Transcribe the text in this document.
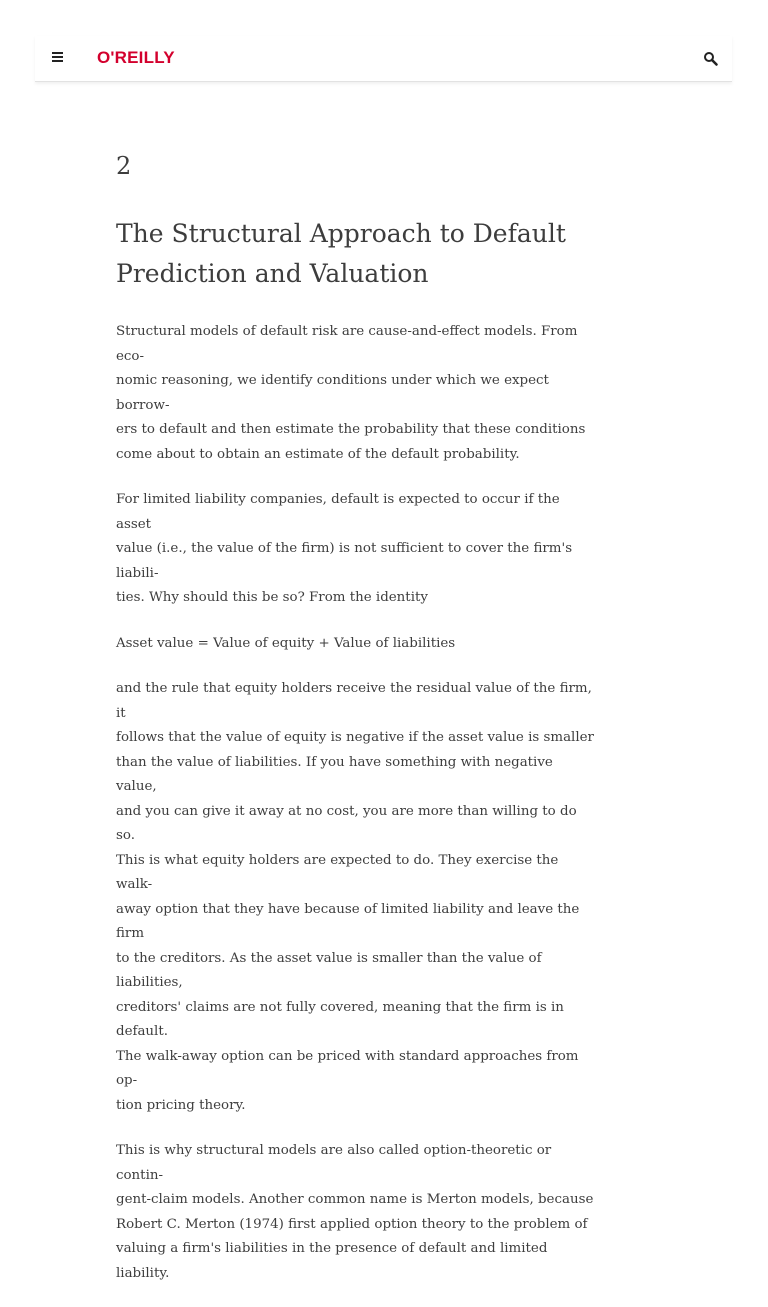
O'REILLY
2
The Structural Approach to Default
Prediction and Valuation

Structural models of default risk are cause-and-effect models. From eco-
nomic reasoning, we identify conditions under which we expect borrow-
ers to default and then estimate the probability that these conditions
come about to obtain an estimate of the default probability.

For limited liability companies, default is expected to occur if the asset
value (i.e., the value of the firm) is not sufficient to cover the firm's liabili-
ties. Why should this be so? From the identity

Asset value = Value of equity + Value of liabilities

and the rule that equity holders receive the residual value of the firm, it
follows that the value of equity is negative if the asset value is smaller
than the value of liabilities. If you have something with negative value,
and you can give it away at no cost, you are more than willing to do so.
This is what equity holders are expected to do. They exercise the walk-
away option that they have because of limited liability and leave the firm
to the creditors. As the asset value is smaller than the value of liabilities,
creditors' claims are not fully covered, meaning that the firm is in default.
The walk-away option can be priced with standard approaches from op-
tion pricing theory.

This is why structural models are also called option-theoretic or contin-
gent-claim models. Another common name is Merton models, because
Robert C. Merton (1974) first applied option theory to the problem of
valuing a firm's liabilities in the presence of default and limited liability.
